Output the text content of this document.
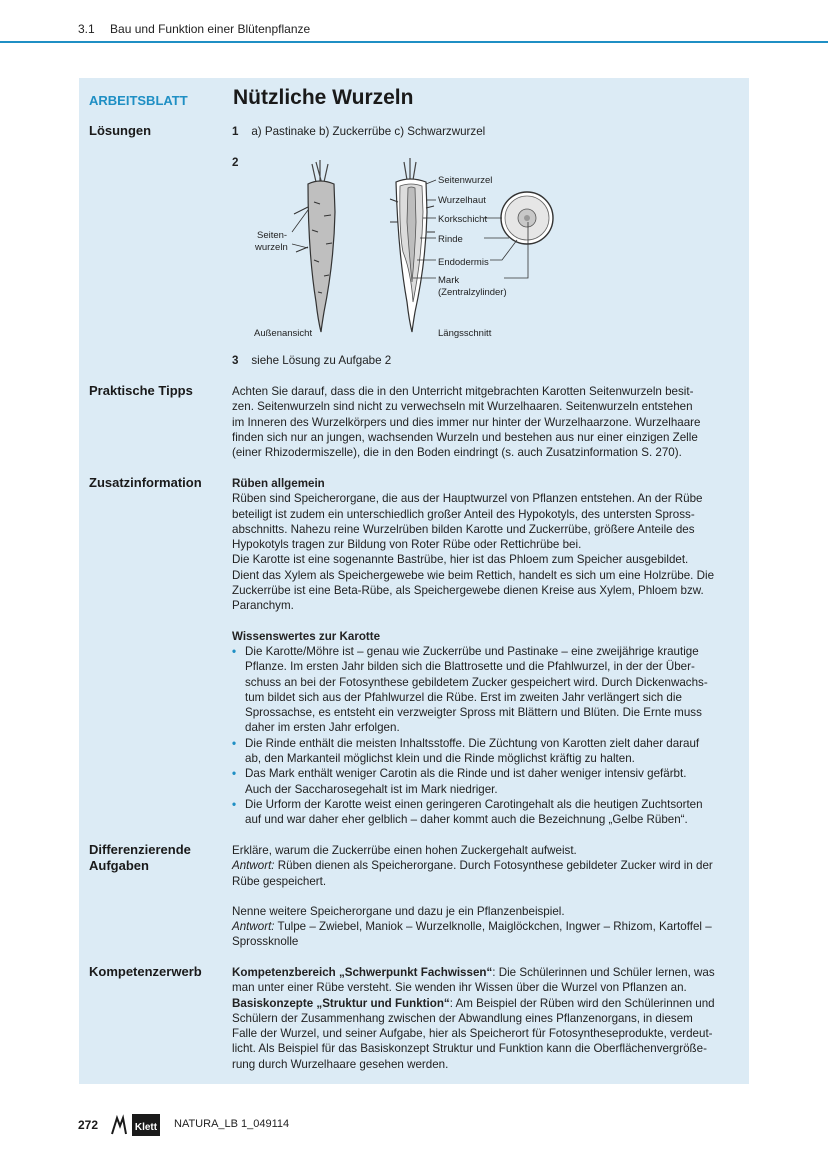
3.1 Bau und Funktion einer Blütenpflanze
ARBEITSBLATT Nützliche Wurzeln
Lösungen	1 a) Pastinake b) Zuckerrübe c) Schwarzwurzel
2
Seiten-
wurzeln
Seitenwurzel
Wurzelhaut
Korkschicht
Rinde
Endodermis
Mark
(Zentralzylinder)
Außenansicht	Längsschnitt
3 siehe Lösung zu Aufgabe 2
Praktische Tipps	Achten Sie darauf, dass die in den Unterricht mitgebrachten Karotten Seitenwurzeln besit-

zen. Seitenwurzeln sind nicht zu verwechseln mit Wurzelhaaren. Seitenwurzeln entstehen

im Inneren des Wurzelkörpers und dies immer nur hinter der Wurzelhaarzone. Wurzelhaare

finden sich nur an jungen, wachsenden Wurzeln und bestehen aus nur einer einzigen Zelle

(einer Rhizodermiszelle), die in den Boden eindringt (s. auch Zusatzinformation S. 270).

Zusatzinformation	Rüben allgemein

Rüben sind Speicherorgane, die aus der Hauptwurzel von Pflanzen entstehen. An der Rübe

beteiligt ist zudem ein unterschiedlich großer Anteil des Hypokotyls, des untersten Spross-

abschnitts. Nahezu reine Wurzelrüben bilden Karotte und Zuckerrübe, größere Anteile des

Hypokotyls tragen zur Bildung von Roter Rübe oder Rettichrübe bei.

Die Karotte ist eine sogenannte Bastrübe, hier ist das Phloem zum Speicher ausgebildet.

Dient das Xylem als Speichergewebe wie beim Rettich, handelt es sich um eine Holzrübe. Die

Zuckerrübe ist eine Beta-Rübe, als Speichergewebe dienen Kreise aus Xylem, Phloem bzw.

Paranchym.

Wissenswertes zur Karotte

• Die Karotte/Möhre ist – genau wie Zuckerrübe und Pastinake – eine zweijährige krautige

Pflanze. Im ersten Jahr bilden sich die Blattrosette und die Pfahlwurzel, in der der Über-

schuss an bei der Fotosynthese gebildetem Zucker gespeichert wird. Durch Dickenwachs-

tum bildet sich aus der Pfahlwurzel die Rübe. Erst im zweiten Jahr verlängert sich die

Sprossachse, es entsteht ein verzweigter Spross mit Blättern und Blüten. Die Ernte muss

daher im ersten Jahr erfolgen.

• Die Rinde enthält die meisten Inhaltsstoffe. Die Züchtung von Karotten zielt daher darauf

ab, den Markanteil möglichst klein und die Rinde möglichst kräftig zu halten.

• Das Mark enthält weniger Carotin als die Rinde und ist daher weniger intensiv gefärbt.

Auch der Saccharosegehalt ist im Mark niedriger.

• Die Urform der Karotte weist einen geringeren Carotingehalt als die heutigen Zuchtsorten

auf und war daher eher gelblich – daher kommt auch die Bezeichnung „Gelbe Rüben“.

Differenzierende
Aufgaben

Erkläre, warum die Zuckerrübe einen hohen Zuckergehalt aufweist.

Antwort: Rüben dienen als Speicherorgane. Durch Fotosynthese gebildeter Zucker wird in der

Rübe gespeichert.

Nenne weitere Speicherorgane und dazu je ein Pflanzenbeispiel.

Antwort: Tulpe – Zwiebel, Maniok – Wurzelknolle, Maiglöckchen, Ingwer – Rhizom, Kartoffel –

Sprossknolle

Kompetenzerwerb	Kompetenzbereich „Schwerpunkt Fachwissen“: Die Schülerinnen und Schüler lernen, was

man unter einer Rübe versteht. Sie wenden ihr Wissen über die Wurzel von Pflanzen an.

Basiskonzepte „Struktur und Funktion“: Am Beispiel der Rüben wird den Schülerinnen und

Schülern der Zusammenhang zwischen der Abwandlung eines Pflanzenorgans, in diesem

Falle der Wurzel, und seiner Aufgabe, hier als Speicherort für Fotosyntheseprodukte, verdeut-

licht. Als Beispiel für das Basiskonzept Struktur und Funktion kann die Oberflächenvergröße-

rung durch Wurzelhaare gesehen werden.

272	Klett NATURA_LB 1_049114
